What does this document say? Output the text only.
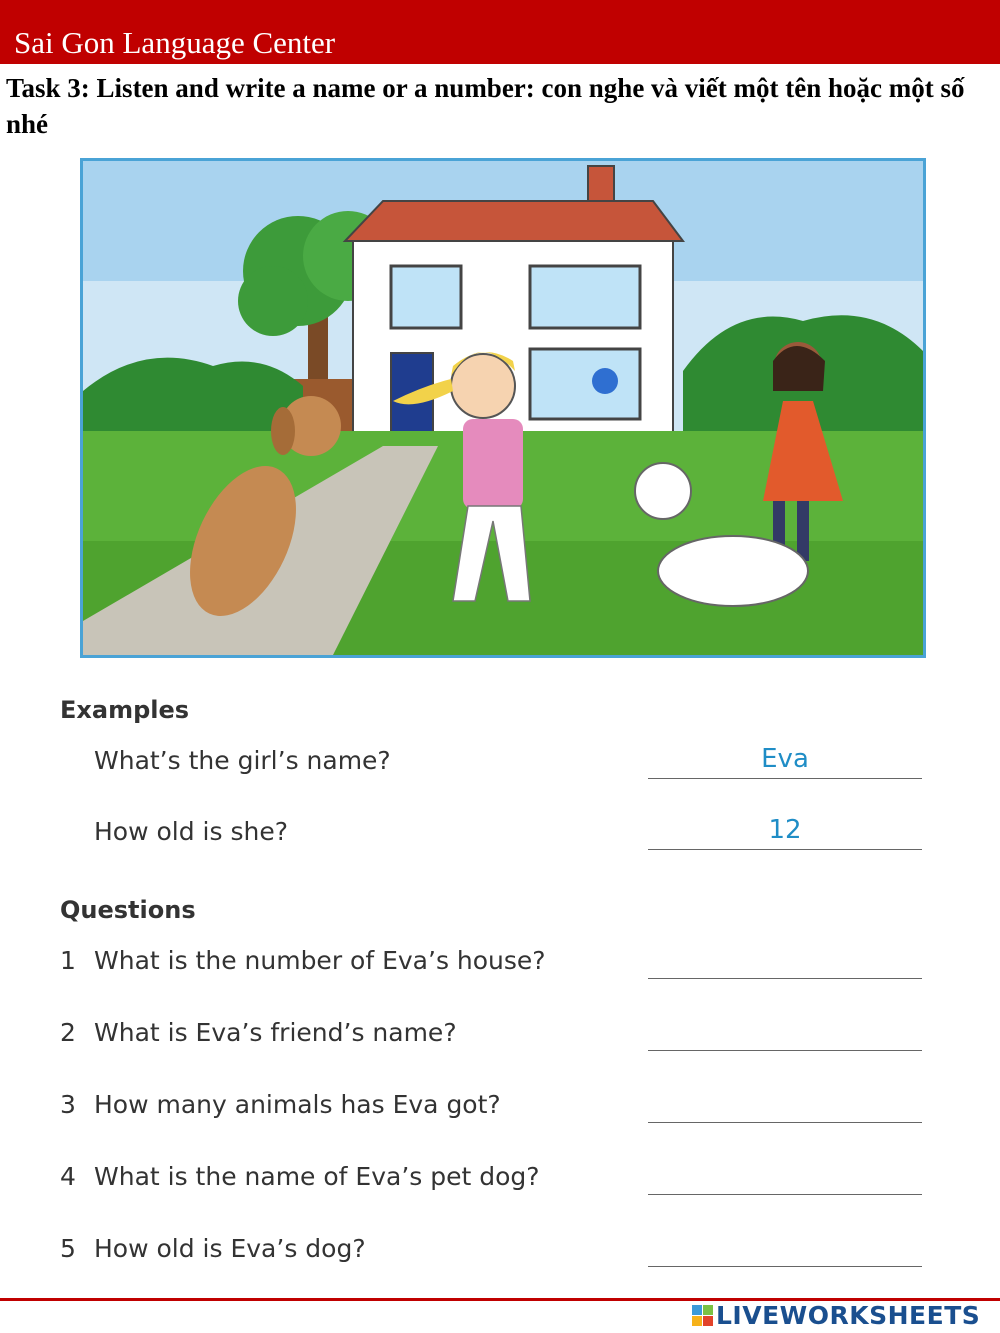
Sai Gon Language Center
Task 3: Listen and write a name or a number: con nghe và viết một tên hoặc một số nhé
Examples
What’s the girl’s name?	Eva
How old is she?	12
Questions
1 What is the number of Eva’s house?
2 What is Eva’s friend’s name?
3 How many animals has Eva got?
4 What is the name of Eva’s pet dog?
5 How old is Eva’s dog?
LIVEWORKSHEETS
